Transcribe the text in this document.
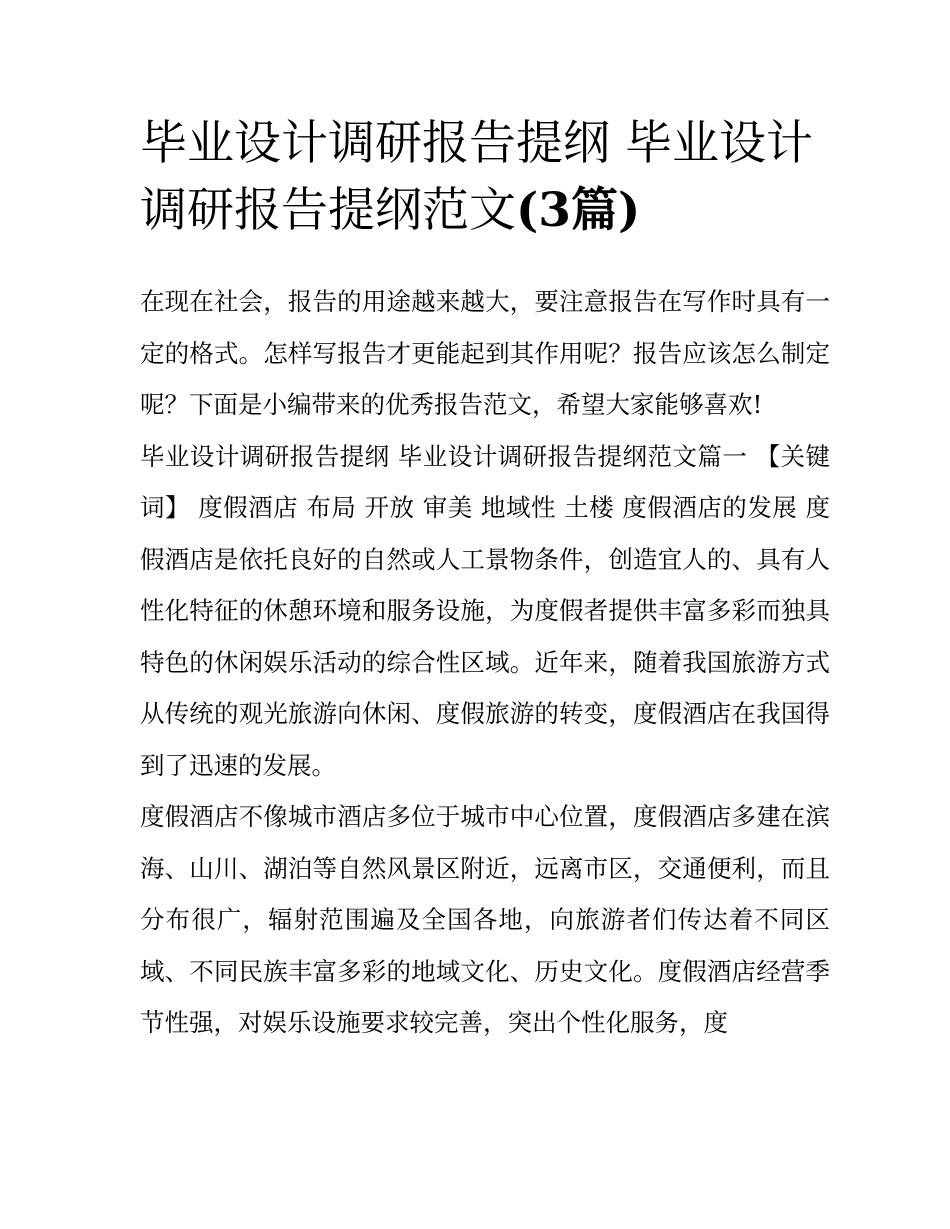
毕业设计调研报告提纲 毕业设计调研报告提纲范文(3篇)

在现在社会，报告的用途越来越大，要注意报告在写作时具有一定的格式。怎样写报告才更能起到其作用呢？报告应该怎么制定呢？下面是小编带来的优秀报告范文，希望大家能够喜欢!

毕业设计调研报告提纲 毕业设计调研报告提纲范文篇一 【关键词】 度假酒店 布局 开放 审美 地域性 土楼 度假酒店的发展 度假酒店是依托良好的自然或人工景物条件，创造宜人的、具有人性化特征的休憩环境和服务设施，为度假者提供丰富多彩而独具特色的休闲娱乐活动的综合性区域。近年来，随着我国旅游方式从传统的观光旅游向休闲、度假旅游的转变，度假酒店在我国得到了迅速的发展。

度假酒店不像城市酒店多位于城市中心位置，度假酒店多建在滨海、山川、湖泊等自然风景区附近，远离市区，交通便利，而且分布很广，辐射范围遍及全国各地，向旅游者们传达着不同区域、不同民族丰富多彩的地域文化、历史文化。度假酒店经营季节性强，对娱乐设施要求较完善，突出个性化服务，度
